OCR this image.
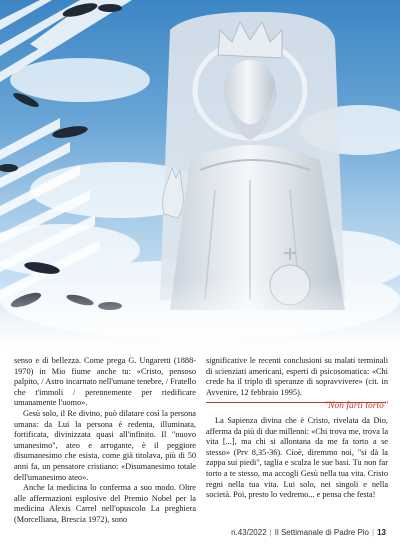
senso e di bellezza. Come prega G. Ungaretti (1888-1970) in Mio fiume anche tu: «Cristo, pensoso palpito, / Astro incarnato nell'umane tenebre, / Fratello che t'immoli / perennemente per riedificare umanamente l'uomo».

Gesù solo, il Re divino, può dilatare così la persona umana: da Lui la persona è redenta, illuminata, fortificata, divinizzata quasi all'infinito. Il "nuovo umanesimo", ateo e arrogante, è il peggiore disumanesimo che esista, come già titolava, più di 50 anni fa, un pensatore cristiano: «Disumanesimo totale dell'umanesimo ateo».

Anche la medicina lo conferma a suo modo. Oltre alle affermazioni esplosive del Premio Nobel per la medicina Alexis Carrel nell'opuscolo La preghiera (Morcelliana, Brescia 1972), sono

significative le recenti conclusioni su malati terminali di scienziati americani, esperti di psicosomatica: «Chi crede ha il triplo di speranze di sopravvivere» (cit. in Avvenire, 12 febbraio 1995).

"Non farti torto"

La Sapienza divina che è Cristo, rivelata da Dio, afferma da più di due millenni: «Chi trova me, trova la vita [...], ma chi si allontana da me fa torto a se stesso» (Prv 8,35-36). Cioè, diremmo noi, "si dà la zappa sui piedi", taglia e scalza le sue basi. Tu non far torto a te stesso, ma accogli Gesù nella tua vita. Cristo regni nella tua vita. Lui solo, nei singoli e nella società. Poi, presto lo vedremo... e pensa che festa!

n.43/2022 | Il Settimanale di Padre Pio | 13
